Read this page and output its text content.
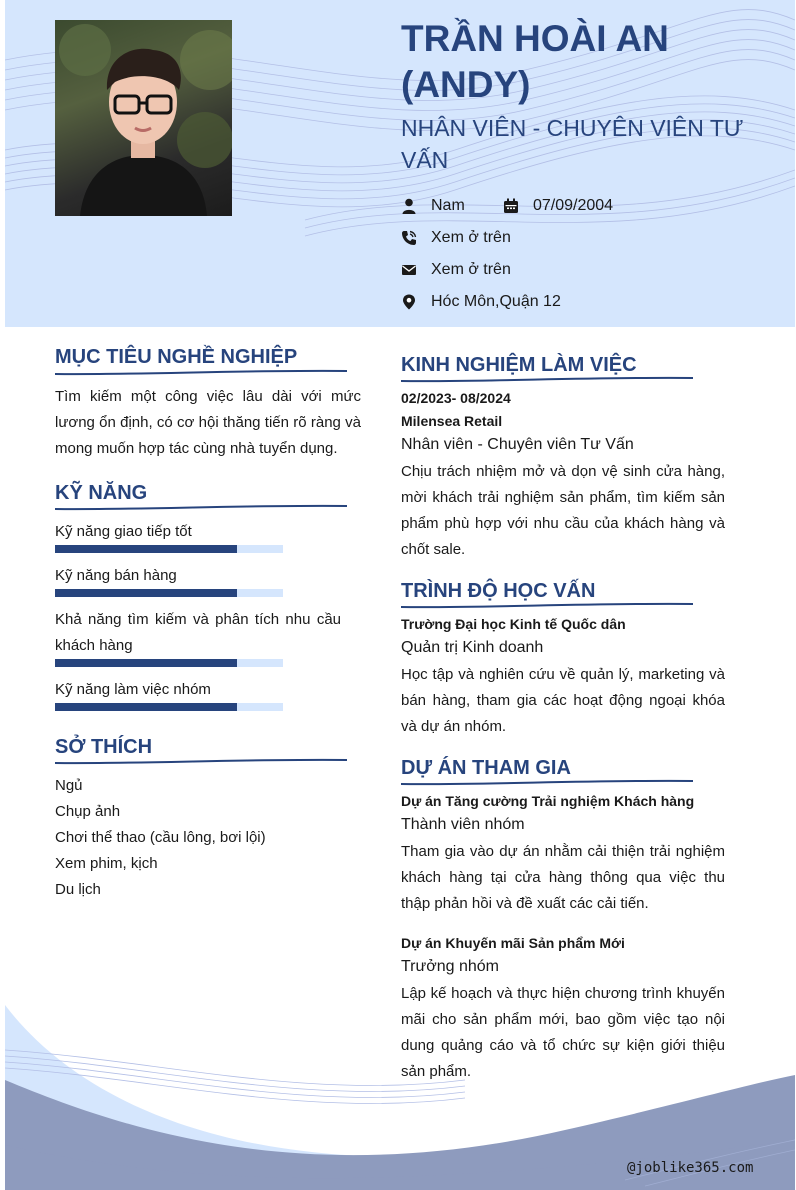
TRẦN HOÀI AN (ANDY)
NHÂN VIÊN - CHUYÊN VIÊN TƯ VẤN
Nam	07/09/2004
Xem ở trên
Xem ở trên
Hóc Môn,Quận 12
MỤC TIÊU NGHỀ NGHIỆP

Tìm kiếm một công việc lâu dài với mức lương ổn định, có cơ hội thăng tiến rõ ràng và mong muốn hợp tác cùng nhà tuyển dụng.

KỸ NĂNG
Kỹ năng giao tiếp tốt
Kỹ năng bán hàng
Khả năng tìm kiếm và phân tích nhu cầu khách hàng
Kỹ năng làm việc nhóm
SỞ THÍCH
Ngủ
Chụp ảnh
Chơi thể thao (cầu lông, bơi lội)
Xem phim, kịch
Du lịch
KINH NGHIỆM LÀM VIỆC
02/2023- 08/2024
Milensea Retail
Nhân viên - Chuyên viên Tư Vấn

Chịu trách nhiệm mở và dọn vệ sinh cửa hàng, mời khách trải nghiệm sản phẩm, tìm kiếm sản phẩm phù hợp với nhu cầu của khách hàng và chốt sale.

TRÌNH ĐỘ HỌC VẤN
Trường Đại học Kinh tế Quốc dân
Quản trị Kinh doanh

Học tập và nghiên cứu về quản lý, marketing và bán hàng, tham gia các hoạt động ngoại khóa và dự án nhóm.

DỰ ÁN THAM GIA
Dự án Tăng cường Trải nghiệm Khách hàng
Thành viên nhóm

Tham gia vào dự án nhằm cải thiện trải nghiệm khách hàng tại cửa hàng thông qua việc thu thập phản hồi và đề xuất các cải tiến.

Dự án Khuyến mãi Sản phẩm Mới
Trưởng nhóm

Lập kế hoạch và thực hiện chương trình khuyến mãi cho sản phẩm mới, bao gồm việc tạo nội dung quảng cáo và tổ chức sự kiện giới thiệu sản phẩm.

@joblike365.com
